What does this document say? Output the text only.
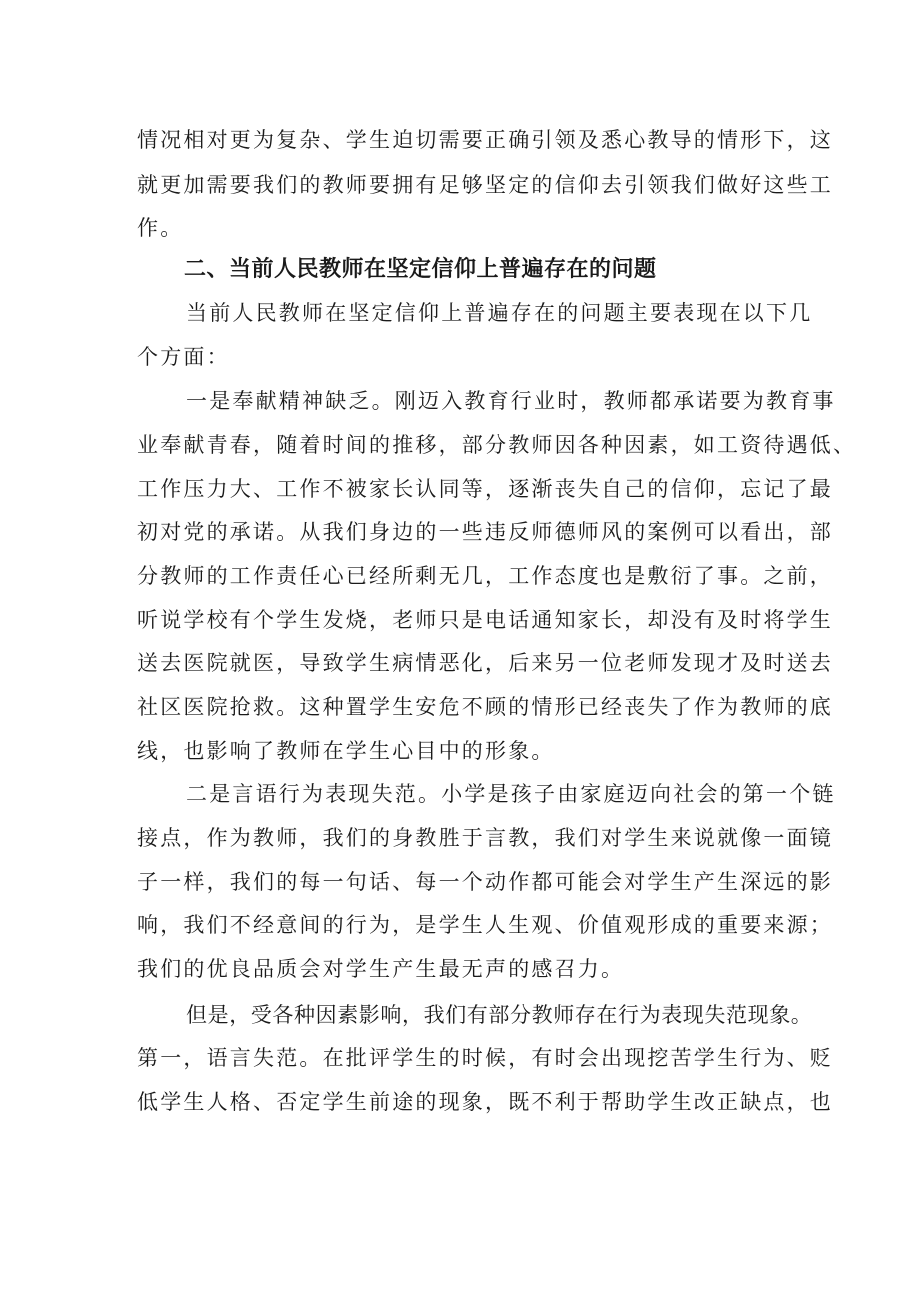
情况相对更为复杂、学生迫切需要正确引领及悉心教导的情形下，这
就更加需要我们的教师要拥有足够坚定的信仰去引领我们做好这些工
作。
二、当前人民教师在坚定信仰上普遍存在的问题
当前人民教师在坚定信仰上普遍存在的问题主要表现在以下几
个方面：
一是奉献精神缺乏。刚迈入教育行业时，教师都承诺要为教育事
业奉献青春，随着时间的推移，部分教师因各种因素，如工资待遇低、
工作压力大、工作不被家长认同等，逐渐丧失自己的信仰，忘记了最
初对党的承诺。从我们身边的一些违反师德师风的案例可以看出，部
分教师的工作责任心已经所剩无几，工作态度也是敷衍了事。之前，
听说学校有个学生发烧，老师只是电话通知家长，却没有及时将学生
送去医院就医，导致学生病情恶化，后来另一位老师发现才及时送去
社区医院抢救。这种置学生安危不顾的情形已经丧失了作为教师的底
线，也影响了教师在学生心目中的形象。
二是言语行为表现失范。小学是孩子由家庭迈向社会的第一个链
接点，作为教师，我们的身教胜于言教，我们对学生来说就像一面镜
子一样，我们的每一句话、每一个动作都可能会对学生产生深远的影
响，我们不经意间的行为，是学生人生观、价值观形成的重要来源；
我们的优良品质会对学生产生最无声的感召力。
但是，受各种因素影响，我们有部分教师存在行为表现失范现象。
第一，语言失范。在批评学生的时候，有时会出现挖苦学生行为、贬
低学生人格、否定学生前途的现象，既不利于帮助学生改正缺点，也
